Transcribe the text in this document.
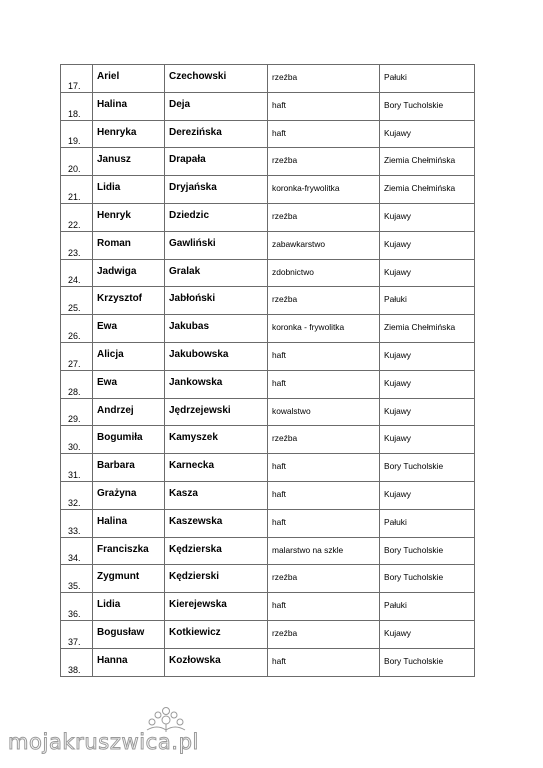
17.	Ariel	Czechowski	rzeźba	Pałuki

18.	Halina	Deja	haft	Bory Tucholskie

19.	Henryka	Derezińska	haft	Kujawy

20.	Janusz	Drapała	rzeźba	Ziemia Chełmińska

21.	Lidia	Dryjańska	koronka-frywolitka	Ziemia Chełmińska

22.	Henryk	Dziedzic	rzeźba	Kujawy

23.	Roman	Gawliński	zabawkarstwo	Kujawy

24.	Jadwiga	Gralak	zdobnictwo	Kujawy

25.	Krzysztof	Jabłoński	rzeźba	Pałuki

26.	Ewa	Jakubas	koronka - frywolitka	Ziemia Chełmińska

27.	Alicja	Jakubowska	haft	Kujawy

28.	Ewa	Jankowska	haft	Kujawy

29.	Andrzej	Jędrzejewski	kowalstwo	Kujawy

30.	Bogumiła	Kamyszek	rzeźba	Kujawy

31.	Barbara	Karnecka	haft	Bory Tucholskie

32.	Grażyna	Kasza	haft	Kujawy

33.	Halina	Kaszewska	haft	Pałuki

34.	Franciszka	Kędzierska	malarstwo na szkle	Bory Tucholskie

35.	Zygmunt	Kędzierski	rzeźba	Bory Tucholskie

36.	Lidia	Kierejewska	haft	Pałuki

37.	Bogusław	Kotkiewicz	rzeźba	Kujawy

38.	Hanna	Kozłowska	haft	Bory Tucholskie
mojakruszwica.pl
